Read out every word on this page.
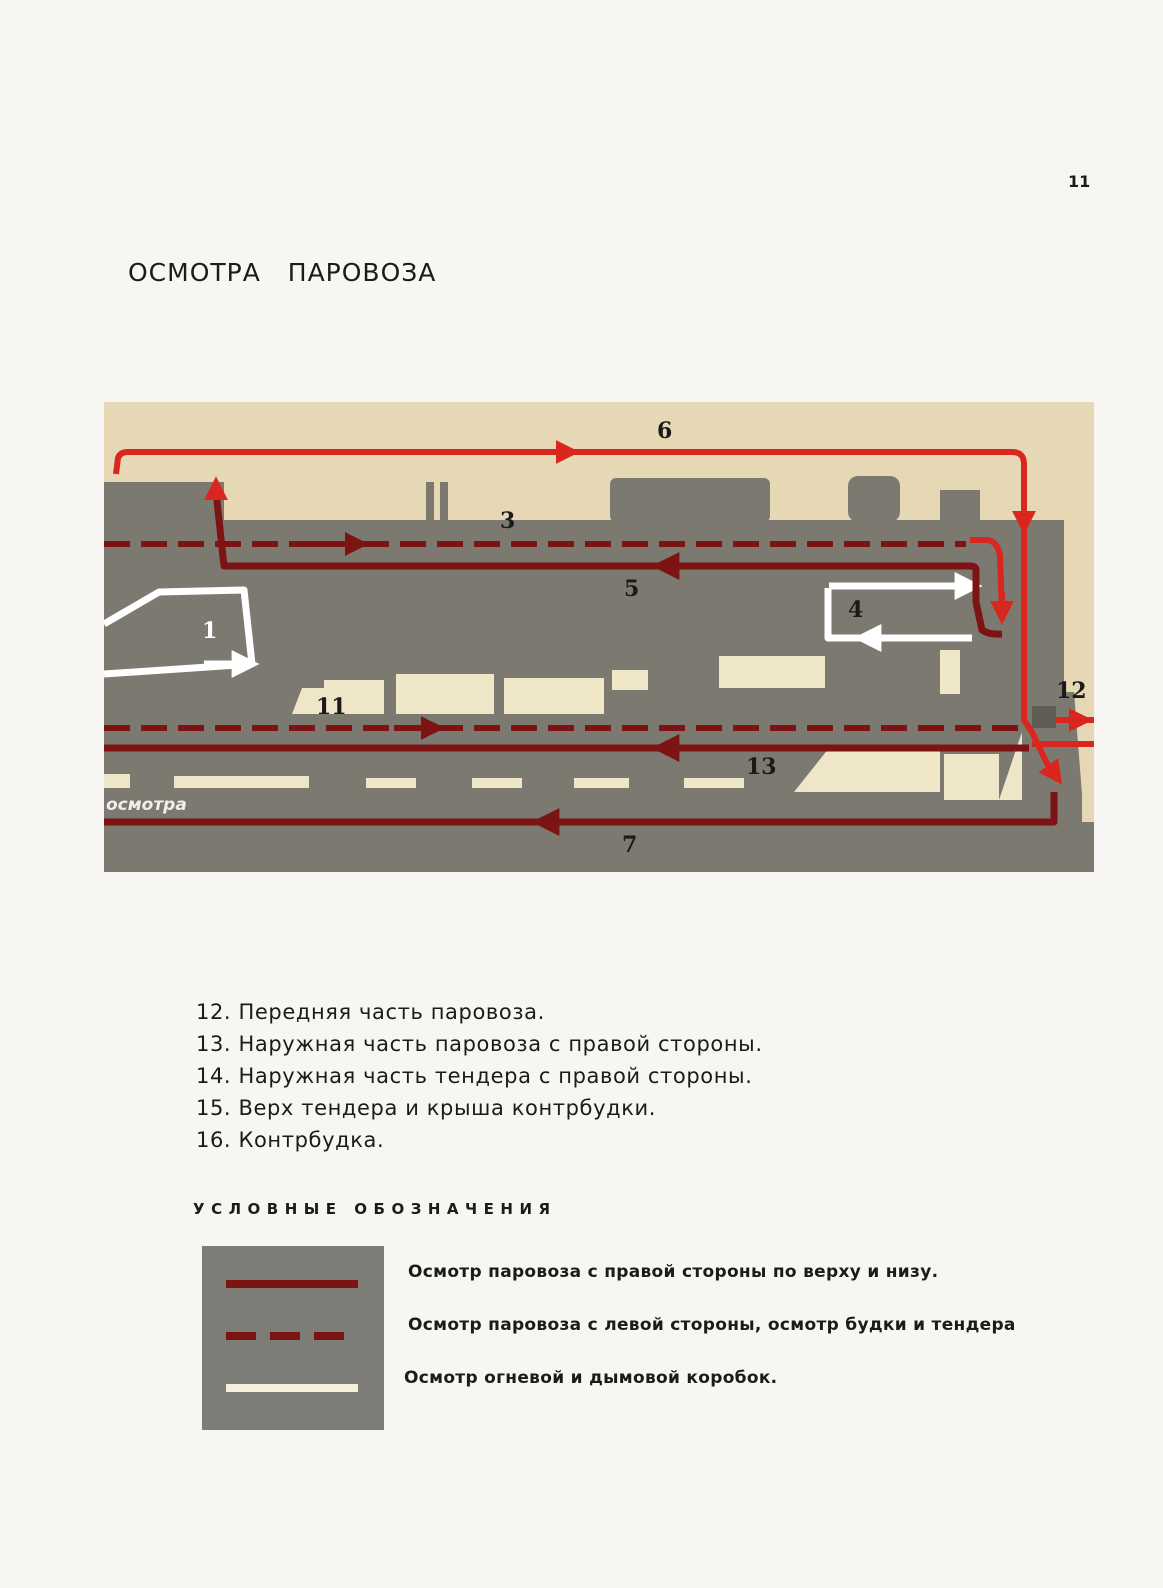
11
ОСМОТРА ПАРОВОЗА
1
3
4
5
6
7
11
12
13
осмотра
12. Передняя часть паровоза.
13. Наружная часть паровоза с правой стороны.
14. Наружная часть тендера с правой стороны.
15. Верх тендера и крыша контрбудки.
16. Контрбудка.
УСЛОВНЫЕ ОБОЗНАЧЕНИЯ
Осмотр паровоза с правой стороны по верху и низу.
Осмотр паровоза с левой стороны, осмотр будки и тендера
Осмотр огневой и дымовой коробок.
